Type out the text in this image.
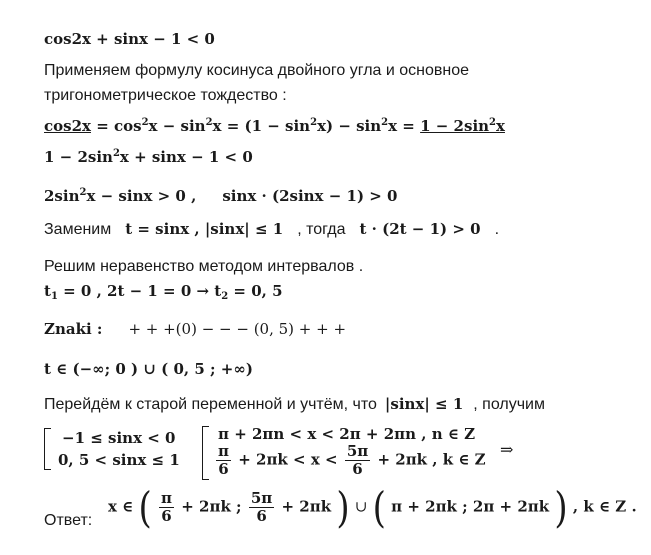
cos2x + sinx − 1 < 0
Применяем формулу косинуса двойного угла и основное
тригонометрическое тождество :
$\cos 2x = \cos^2x - \sin^2x = (1 - \sin^2x) - \sin^2x = 1 - 2\sin^2x$
$1 - 2\sin^2x + \sin x - 1 < 0$
$2\sin^2x - \sin x > 0$ , sinx · (2sinx − 1) > 0
Заменим t = sinx , |sinx| ≤ 1 , тогда t · (2t − 1) > 0 .
Решим неравенство методом интервалов .
$t_1 = 0$ , $2t - 1 = 0 \to t_2 = 0$, 5
Znaki : + + +(0) − − − (0, 5) + + +
t ∈ (−∞; 0 ) ∪ ( 0, 5 ; +∞)
Перейдём к старой переменной и учтём, что |sinx| ≤ 1 , получим
−1 ≤ sinx < 0
0, 5 < sinx ≤ 1
π + 2πn < x < 2π + 2πn , n ∈ Z
$\frac{\pi}{6} + 2\pi k < x < \frac{5\pi}{6} + 2\pi k$ , k ∈ Z
⇒
Ответ:
x ∈ ( $\frac{\pi}{6} + 2\pi k$ ; $\frac{5\pi}{6} + 2\pi k$ ) ∪ ( π + 2πk ; 2π + 2πk ) , k ∈ Z .
